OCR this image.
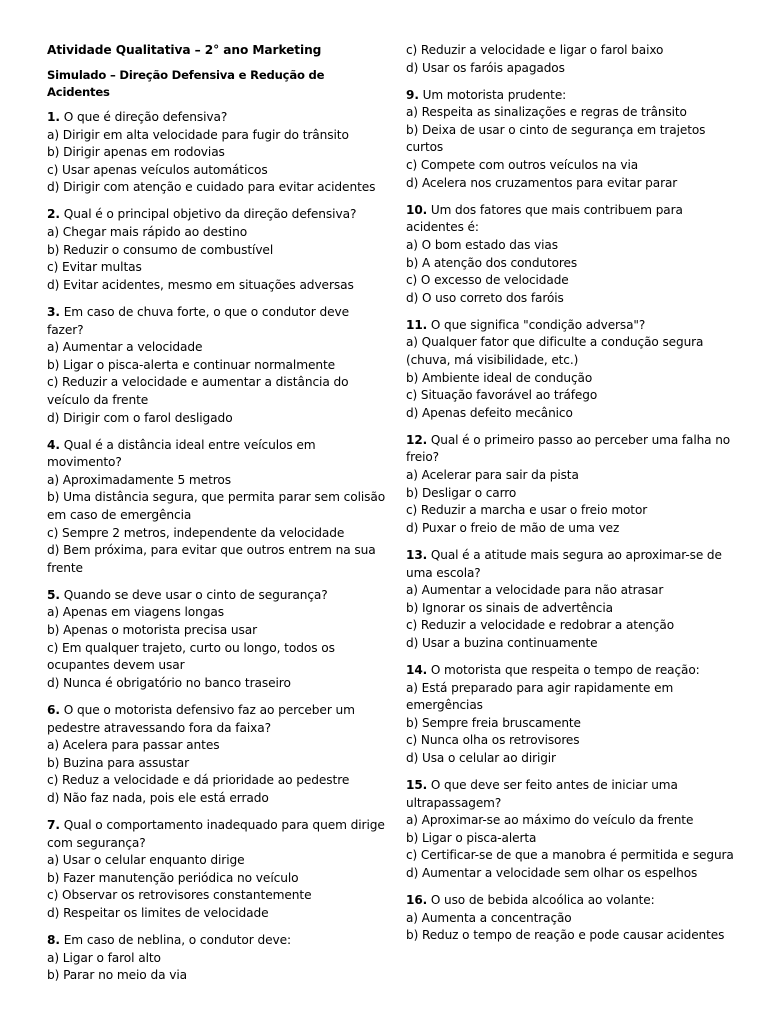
Atividade Qualitativa – 2° ano Marketing
Simulado – Direção Defensiva e Redução de Acidentes
1. O que é direção defensiva?
a) Dirigir em alta velocidade para fugir do trânsito
b) Dirigir apenas em rodovias
c) Usar apenas veículos automáticos
d) Dirigir com atenção e cuidado para evitar acidentes
2. Qual é o principal objetivo da direção defensiva?
a) Chegar mais rápido ao destino
b) Reduzir o consumo de combustível
c) Evitar multas
d) Evitar acidentes, mesmo em situações adversas
3. Em caso de chuva forte, o que o condutor deve fazer?
a) Aumentar a velocidade
b) Ligar o pisca-alerta e continuar normalmente
c) Reduzir a velocidade e aumentar a distância do veículo da frente
d) Dirigir com o farol desligado
4. Qual é a distância ideal entre veículos em movimento?
a) Aproximadamente 5 metros
b) Uma distância segura, que permita parar sem colisão em caso de emergência
c) Sempre 2 metros, independente da velocidade
d) Bem próxima, para evitar que outros entrem na sua frente
5. Quando se deve usar o cinto de segurança?
a) Apenas em viagens longas
b) Apenas o motorista precisa usar
c) Em qualquer trajeto, curto ou longo, todos os ocupantes devem usar
d) Nunca é obrigatório no banco traseiro
6. O que o motorista defensivo faz ao perceber um pedestre atravessando fora da faixa?
a) Acelera para passar antes
b) Buzina para assustar
c) Reduz a velocidade e dá prioridade ao pedestre
d) Não faz nada, pois ele está errado
7. Qual o comportamento inadequado para quem dirige com segurança?
a) Usar o celular enquanto dirige
b) Fazer manutenção periódica no veículo
c) Observar os retrovisores constantemente
d) Respeitar os limites de velocidade
8. Em caso de neblina, o condutor deve:
a) Ligar o farol alto
b) Parar no meio da via
c) Reduzir a velocidade e ligar o farol baixo
d) Usar os faróis apagados
9. Um motorista prudente:
a) Respeita as sinalizações e regras de trânsito
b) Deixa de usar o cinto de segurança em trajetos curtos
c) Compete com outros veículos na via
d) Acelera nos cruzamentos para evitar parar
10. Um dos fatores que mais contribuem para acidentes é:
a) O bom estado das vias
b) A atenção dos condutores
c) O excesso de velocidade
d) O uso correto dos faróis
11. O que significa "condição adversa"?
a) Qualquer fator que dificulte a condução segura (chuva, má visibilidade, etc.)
b) Ambiente ideal de condução
c) Situação favorável ao tráfego
d) Apenas defeito mecânico
12. Qual é o primeiro passo ao perceber uma falha no freio?
a) Acelerar para sair da pista
b) Desligar o carro
c) Reduzir a marcha e usar o freio motor
d) Puxar o freio de mão de uma vez
13. Qual é a atitude mais segura ao aproximar-se de uma escola?
a) Aumentar a velocidade para não atrasar
b) Ignorar os sinais de advertência
c) Reduzir a velocidade e redobrar a atenção
d) Usar a buzina continuamente
14. O motorista que respeita o tempo de reação:
a) Está preparado para agir rapidamente em emergências
b) Sempre freia bruscamente
c) Nunca olha os retrovisores
d) Usa o celular ao dirigir
15. O que deve ser feito antes de iniciar uma ultrapassagem?
a) Aproximar-se ao máximo do veículo da frente
b) Ligar o pisca-alerta
c) Certificar-se de que a manobra é permitida e segura
d) Aumentar a velocidade sem olhar os espelhos
16. O uso de bebida alcoólica ao volante:
a) Aumenta a concentração
b) Reduz o tempo de reação e pode causar acidentes
